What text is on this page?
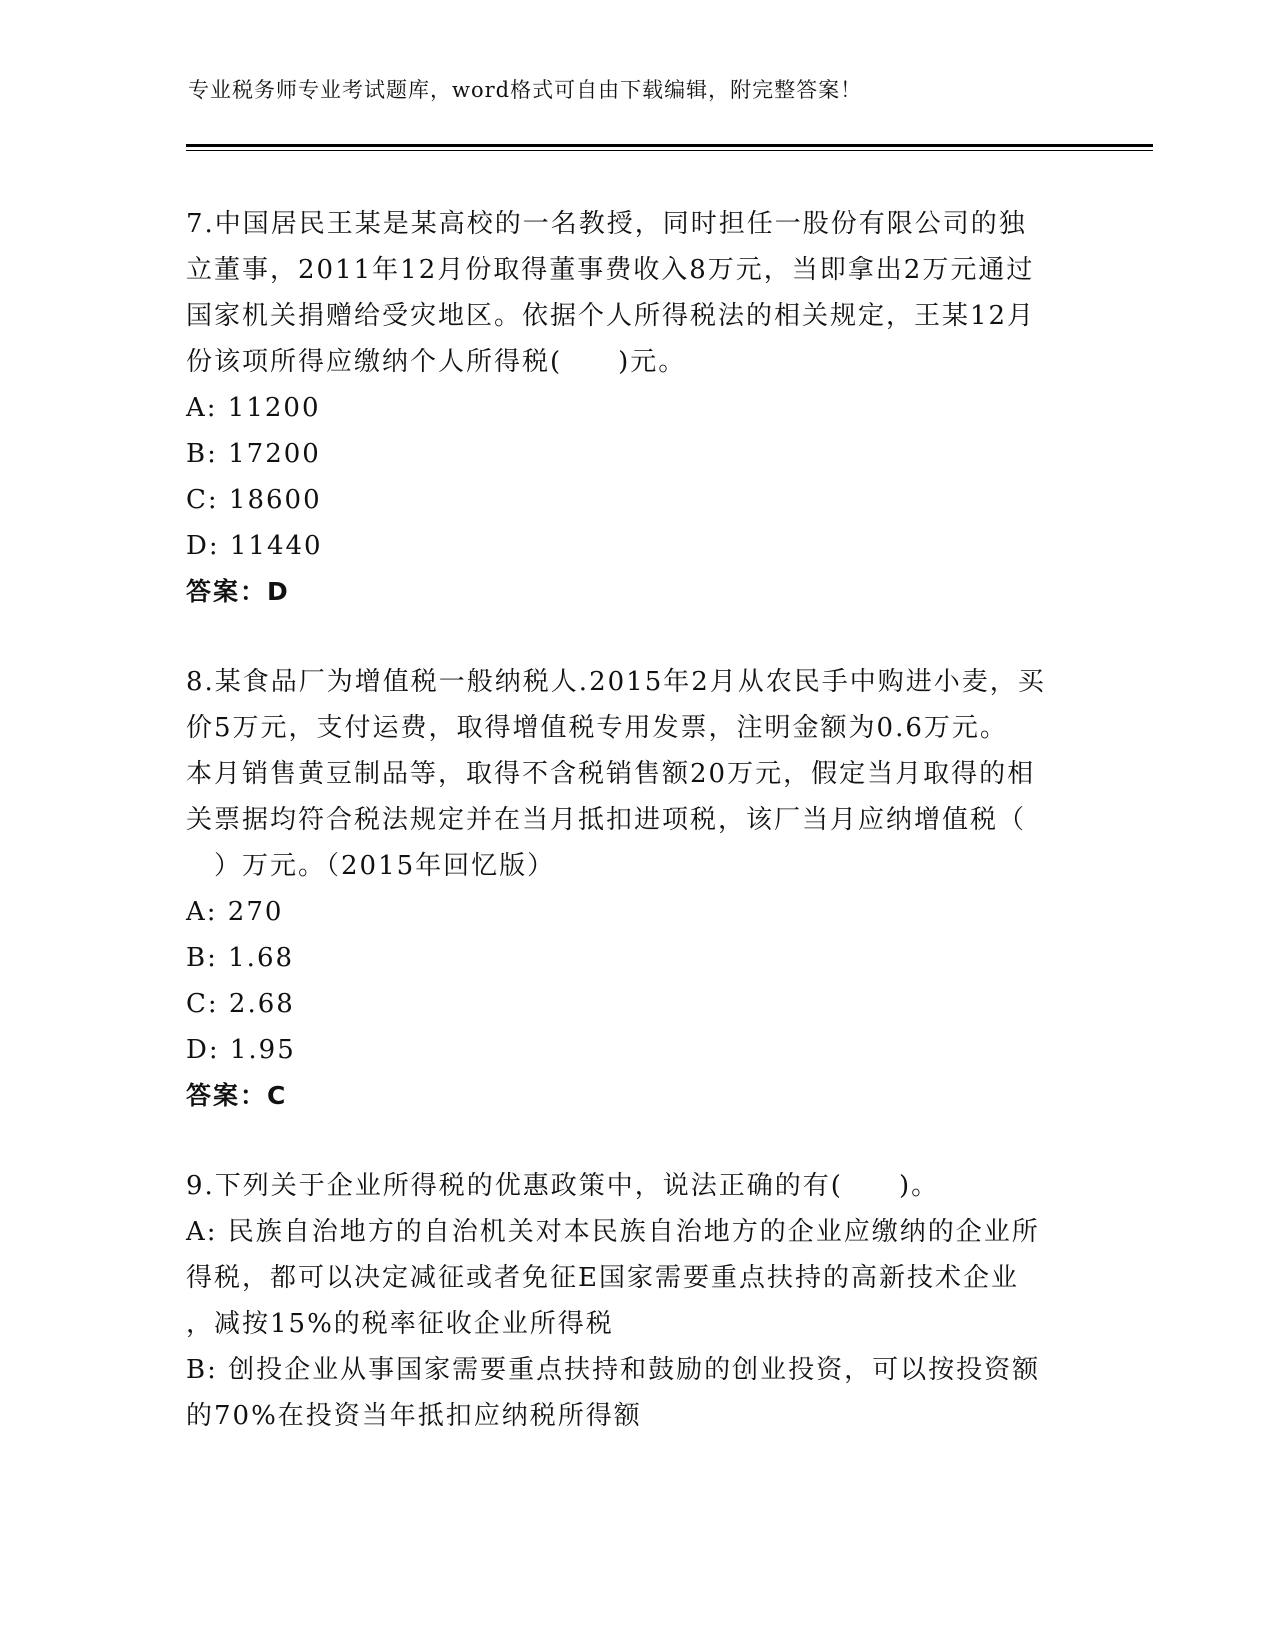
专业税务师专业考试题库，word格式可自由下载编辑，附完整答案！

7.中国居民王某是某高校的一名教授，同时担任一股份有限公司的独
立董事，2011年12月份取得董事费收入8万元，当即拿出2万元通过
国家机关捐赠给受灾地区。依据个人所得税法的相关规定，王某12月
份该项所得应缴纳个人所得税(　　)元。

A: 11200

B: 17200

C: 18600

D: 11440

答案：D

8.某食品厂为增值税一般纳税人.2015年2月从农民手中购进小麦，买
价5万元，支付运费，取得增值税专用发票，注明金额为0.6万元。
本月销售黄豆制品等，取得不含税销售额20万元，假定当月取得的相
关票据均符合税法规定并在当月抵扣进项税，该厂当月应纳增值税（
　）万元。（2015年回忆版）

A: 270

B: 1.68

C: 2.68

D: 1.95

答案：C

9.下列关于企业所得税的优惠政策中，说法正确的有(　　)。

A: 民族自治地方的自治机关对本民族自治地方的企业应缴纳的企业所
得税，都可以决定减征或者免征E国家需要重点扶持的高新技术企业
，减按15%的税率征收企业所得税

B: 创投企业从事国家需要重点扶持和鼓励的创业投资，可以按投资额
的70%在投资当年抵扣应纳税所得额
